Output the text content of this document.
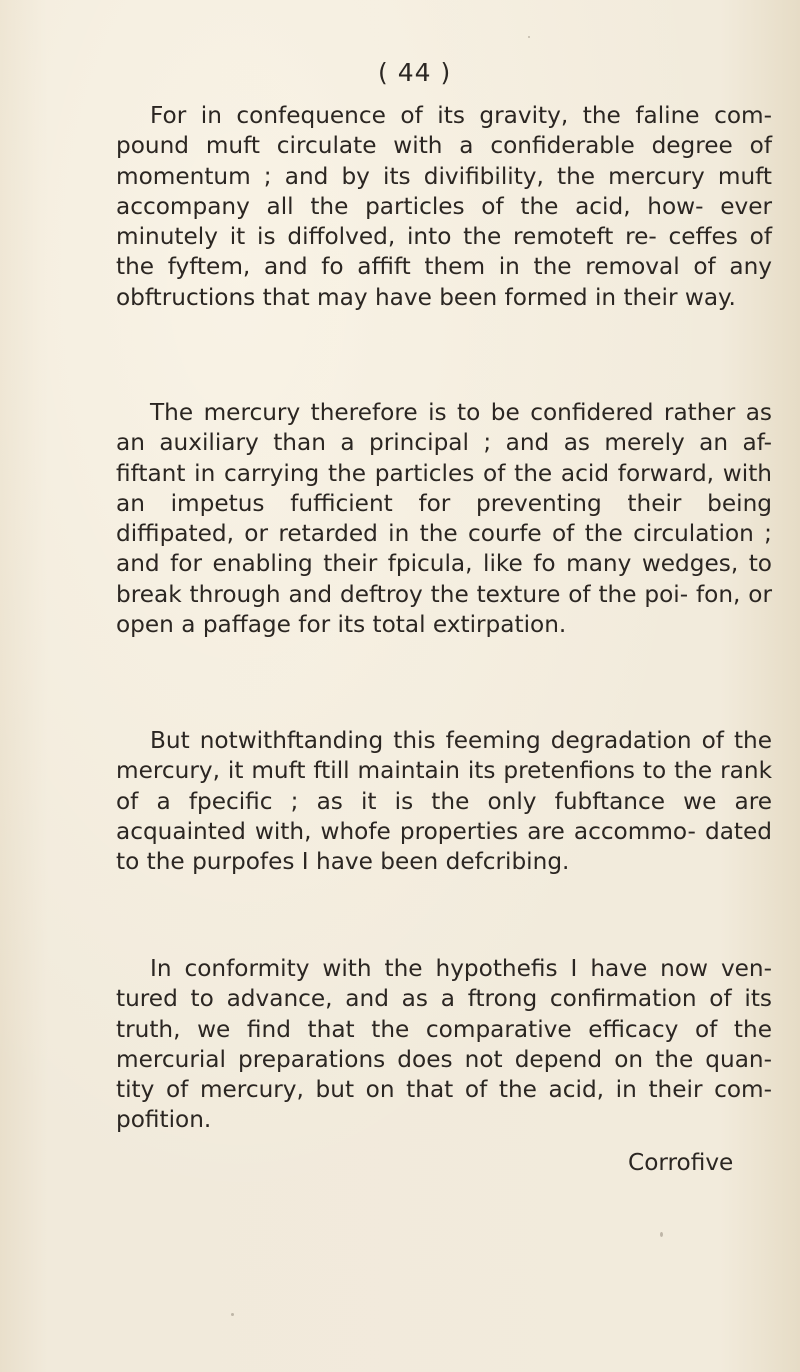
( 44 )

For in confequence of its gravity, the faline com- pound muft circulate with a confiderable degree of momentum ; and by its divifibility, the mercury muft accompany all the particles of the acid, how- ever minutely it is diffolved, into the remoteft re- ceffes of the fyftem, and fo affift them in the removal of any obftructions that may have been formed in their way.

The mercury therefore is to be confidered rather as an auxiliary than a principal ; and as merely an af- fiftant in carrying the particles of the acid forward, with an impetus fufficient for preventing their being diffipated, or retarded in the courfe of the circulation ; and for enabling their fpicula, like fo many wedges, to break through and deftroy the texture of the poi- fon, or open a paffage for its total extirpation.

But notwithftanding this feeming degradation of the mercury, it muft ftill maintain its pretenfions to the rank of a fpecific ; as it is the only fubftance we are acquainted with, whofe properties are accommo- dated to the purpofes I have been defcribing.

In conformity with the hypothefis I have now ven- tured to advance, and as a ftrong confirmation of its truth, we find that the comparative efficacy of the mercurial preparations does not depend on the quan- tity of mercury, but on that of the acid, in their com- pofition.

Corrofive
